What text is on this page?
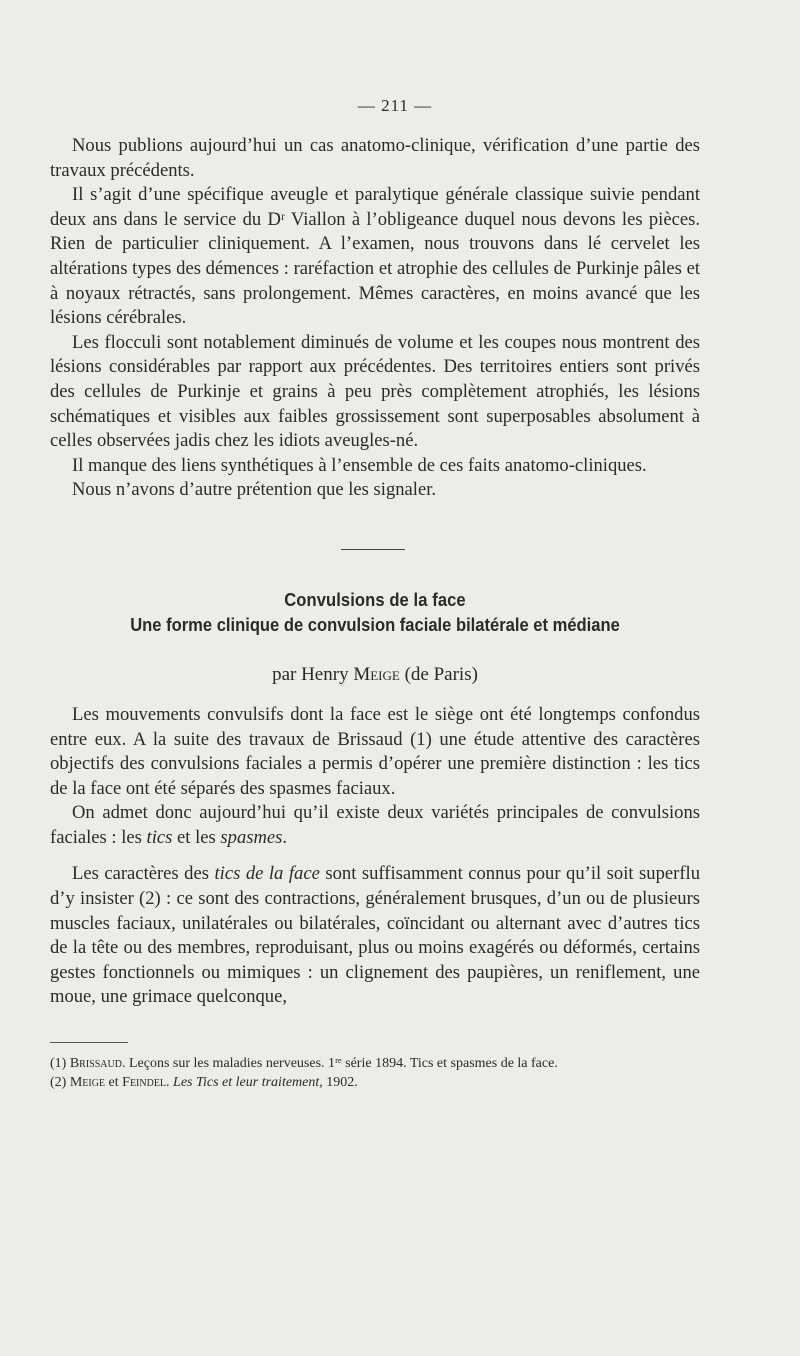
— 211 —

Nous publions aujourd’hui un cas anatomo-clinique, vérification d’une partie des travaux précédents.

Il s’agit d’une spécifique aveugle et paralytique générale classique suivie pendant deux ans dans le service du Dʳ Viallon à l’obligeance duquel nous devons les pièces. Rien de particulier cliniquement. A l’examen, nous trouvons dans lé cervelet les altérations types des démences : raréfaction et atrophie des cellules de Purkinje pâles et à noyaux rétractés, sans prolongement. Mêmes caractères, en moins avancé que les lésions cérébrales.

Les flocculi sont notablement diminués de volume et les coupes nous montrent des lésions considérables par rapport aux précédentes. Des territoires entiers sont privés des cellules de Purkinje et grains à peu près complètement atrophiés, les lésions schématiques et visibles aux faibles grossissement sont superposables absolument à celles observées jadis chez les idiots aveugles-né.

Il manque des liens synthétiques à l’ensemble de ces faits anatomo-cliniques.

Nous n’avons d’autre prétention que les signaler.

Convulsions de la face
Une forme clinique de convulsion faciale bilatérale et médiane
par Henry Meige (de Paris)

Les mouvements convulsifs dont la face est le siège ont été longtemps confondus entre eux. A la suite des travaux de Brissaud (1) une étude attentive des caractères objectifs des convulsions faciales a permis d’opérer une première distinction : les tics de la face ont été séparés des spasmes faciaux.

On admet donc aujourd’hui qu’il existe deux variétés principales de convulsions faciales : les tics et les spasmes.

Les caractères des tics de la face sont suffisamment connus pour qu’il soit superflu d’y insister (2) : ce sont des contractions, généralement brusques, d’un ou de plusieurs muscles faciaux, unilatérales ou bilatérales, coïncidant ou alternant avec d’autres tics de la tête ou des membres, reproduisant, plus ou moins exagérés ou déformés, certains gestes fonctionnels ou mimiques : un clignement des paupières, un reniflement, une moue, une grimace quelconque,

(1) Brissaud. Leçons sur les maladies nerveuses. 1ʳᵉ série 1894. Tics et spasmes de la face.
(2) Meige et Feindel. Les Tics et leur traitement, 1902.
